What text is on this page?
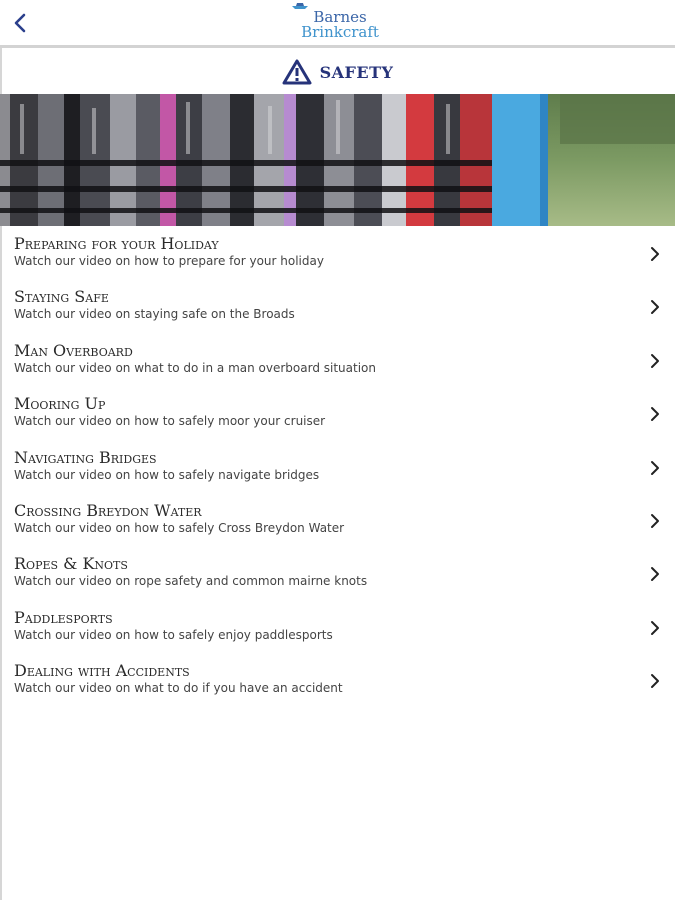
Barnes
Brinkcraft
SAFETY
Preparing for your Holiday
Watch our video on how to prepare for your holiday
Staying Safe
Watch our video on staying safe on the Broads
Man Overboard
Watch our video on what to do in a man overboard situation
Mooring Up
Watch our video on how to safely moor your cruiser
Navigating Bridges
Watch our video on how to safely navigate bridges
Crossing Breydon Water
Watch our video on how to safely Cross Breydon Water
Ropes & Knots
Watch our video on rope safety and common mairne knots
Paddlesports
Watch our video on how to safely enjoy paddlesports
Dealing with Accidents
Watch our video on what to do if you have an accident
